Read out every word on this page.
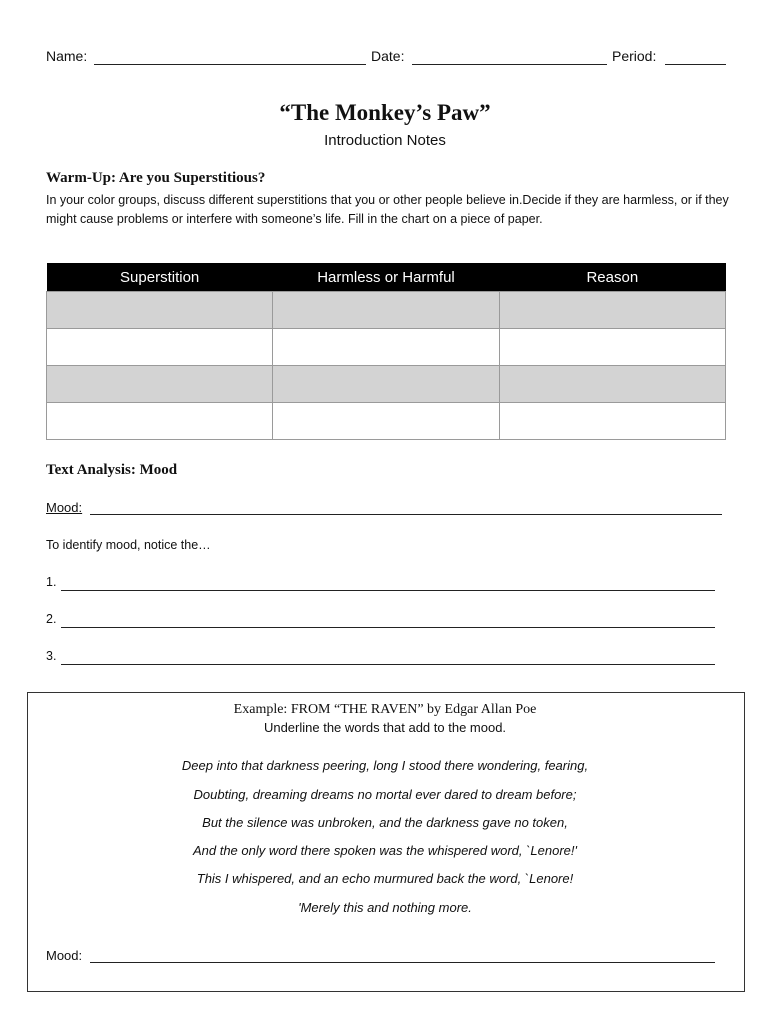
Name:	Date:	Period:
“The Monkey’s Paw”
Introduction Notes
Warm-Up: Are you Superstitious?
In your color groups, discuss different superstitions that you or other people believe in.Decide if they are harmless, or if they might cause problems or interfere with someone’s life. Fill in the chart on a piece of paper.
Superstition	Harmless or Harmful	Reason

Text Analysis: Mood
Mood:
To identify mood, notice the…
1.
2.
3.
Example: FROM “THE RAVEN” by Edgar Allan Poe
Underline the words that add to the mood.
Deep into that darkness peering, long I stood there wondering, fearing,
Doubting, dreaming dreams no mortal ever dared to dream before;
But the silence was unbroken, and the darkness gave no token,
And the only word there spoken was the whispered word, `Lenore!'
This I whispered, and an echo murmured back the word, `Lenore!
'Merely this and nothing more.
Mood:
